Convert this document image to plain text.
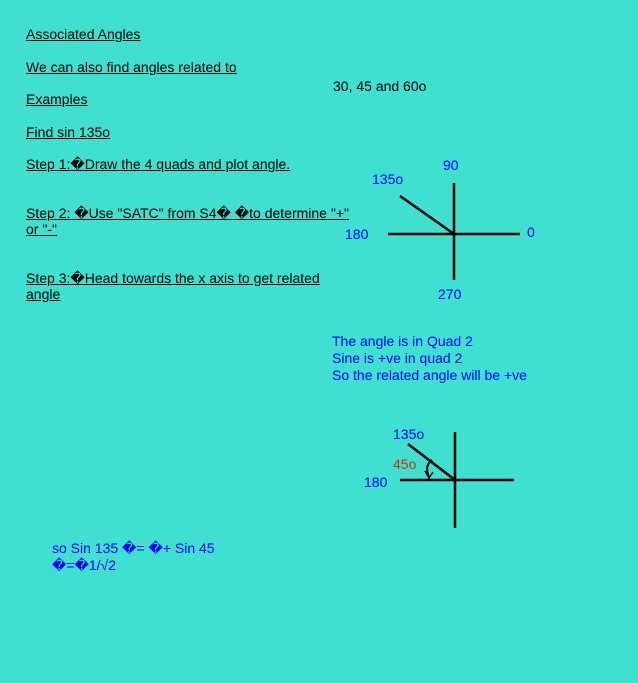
Associated Angles
We can also find angles related to
Examples
Find sin 135o
Step 1:�Draw the 4 quads and plot angle.
Step 2: �Use "SATC" from S4� �to determine "+"
or "-"
Step 3:�Head towards the x axis to get related
angle
30, 45 and 60o
90
135o
180	0
270
The angle is in Quad 2
Sine is +ve in quad 2
So the related angle will be +ve
135o
45o
180
so Sin 135 �= �+ Sin 45
�=�1/√2
